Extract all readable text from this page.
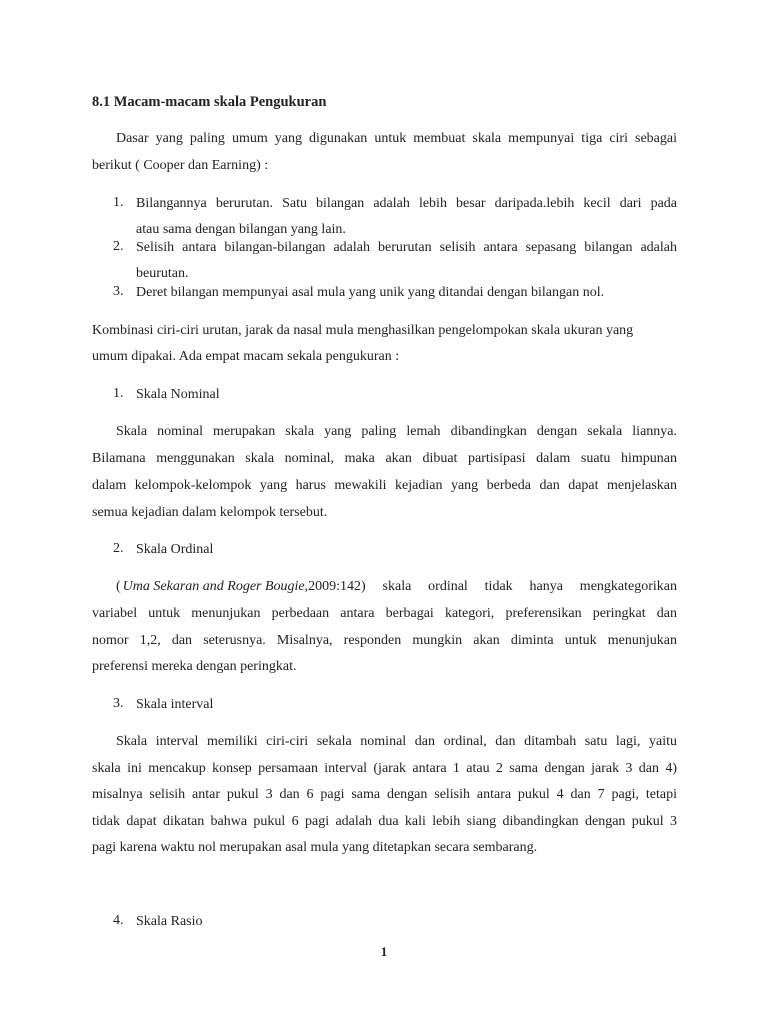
8.1 Macam-macam skala Pengukuran
Dasar yang paling umum yang digunakan untuk membuat skala mempunyai tiga ciri sebagai
berikut ( Cooper dan Earning) :
1. Bilangannya berurutan. Satu bilangan adalah lebih besar daripada.lebih kecil dari pada
atau sama dengan bilangan yang lain.
2. Selisih antara bilangan-bilangan adalah berurutan selisih antara sepasang bilangan adalah
beurutan.
3. Deret bilangan mempunyai asal mula yang unik yang ditandai dengan bilangan nol.
Kombinasi ciri-ciri urutan, jarak da nasal mula menghasilkan pengelompokan skala ukuran yang
umum dipakai. Ada empat macam sekala pengukuran :
1. Skala Nominal
Skala nominal merupakan skala yang paling lemah dibandingkan dengan sekala liannya.
Bilamana menggunakan skala nominal, maka akan dibuat partisipasi dalam suatu himpunan
dalam kelompok-kelompok yang harus mewakili kejadian yang berbeda dan dapat menjelaskan
semua kejadian dalam kelompok tersebut.
2. Skala Ordinal
( Uma Sekaran and Roger Bougie ,2009:142) skala ordinal tidak hanya mengkategorikan
variabel untuk menunjukan perbedaan antara berbagai kategori, preferensikan peringkat dan
nomor 1,2, dan seterusnya. Misalnya, responden mungkin akan diminta untuk menunjukan
preferensi mereka dengan peringkat.
3. Skala interval
Skala interval memiliki ciri-ciri sekala nominal dan ordinal, dan ditambah satu lagi, yaitu
skala ini mencakup konsep persamaan interval (jarak antara 1 atau 2 sama dengan jarak 3 dan 4)
misalnya selisih antar pukul 3 dan 6 pagi sama dengan selisih antara pukul 4 dan 7 pagi, tetapi
tidak dapat dikatan bahwa pukul 6 pagi adalah dua kali lebih siang dibandingkan dengan pukul 3
pagi karena waktu nol merupakan asal mula yang ditetapkan secara sembarang.
4. Skala Rasio
1
